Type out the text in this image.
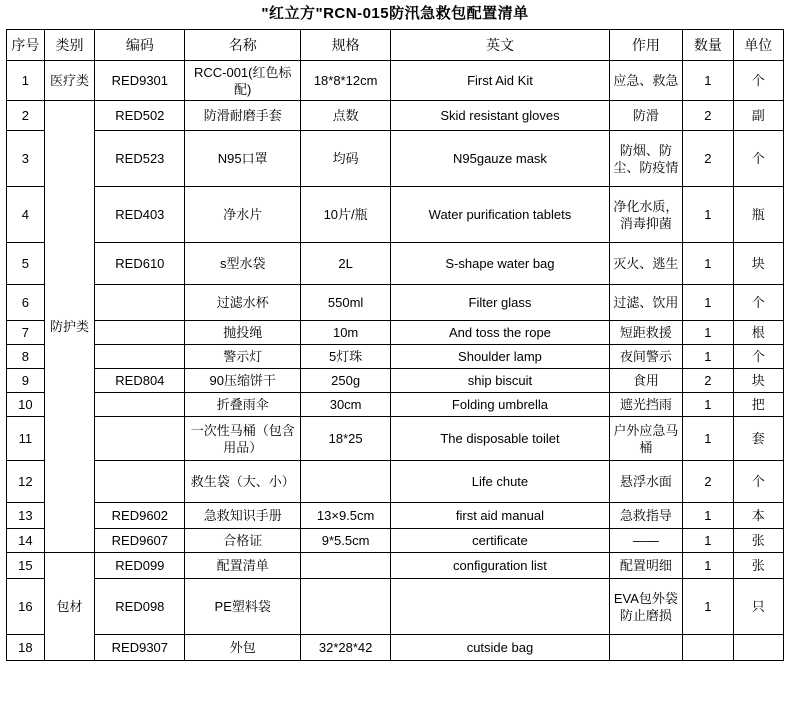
"红立方"RCN-015防汛急救包配置清单
序号	类别	编码	名称	规格	英文	作用	数量	单位
1	医疗类	RED9301	RCC-001(红色标配)	18*8*12cm	First Aid Kit	应急、救急	1	个
2	防护类	RED502	防滑耐磨手套	点数	Skid resistant gloves	防滑	2	副
3		RED523	N95口罩	均码	N95gauze mask	防烟、防尘、防疫情	2	个
4		RED403	净水片	10片/瓶	Water purification tablets	净化水质，消毒抑菌	1	瓶
5		RED610	s型水袋	2L	S-shape water bag	灭火、逃生	1	块
6			过滤水杯	550ml	Filter glass	过滤、饮用	1	个
7			抛投绳	10m	And toss the rope	短距救援	1	根
8			警示灯	5灯珠	Shoulder lamp	夜间警示	1	个
9		RED804	90压缩饼干	250g	ship biscuit	食用	2	块
10			折叠雨伞	30cm	Folding umbrella	遮光挡雨	1	把
11			一次性马桶（包含用品）	18*25	The disposable toilet	户外应急马桶	1	套
12			救生袋（大、小）		Life chute	悬浮水面	2	个
13		RED9602	急救知识手册	13×9.5cm	first aid manual	急救指导	1	本
14		RED9607	合格证	9*5.5cm	certificate	——	1	张
15	包材	RED099	配置清单		configuration list	配置明细	1	张
16		RED098	PE塑料袋			EVA包外袋防止磨损	1	只
18		RED9307	外包	32*28*42	cutside bag			
